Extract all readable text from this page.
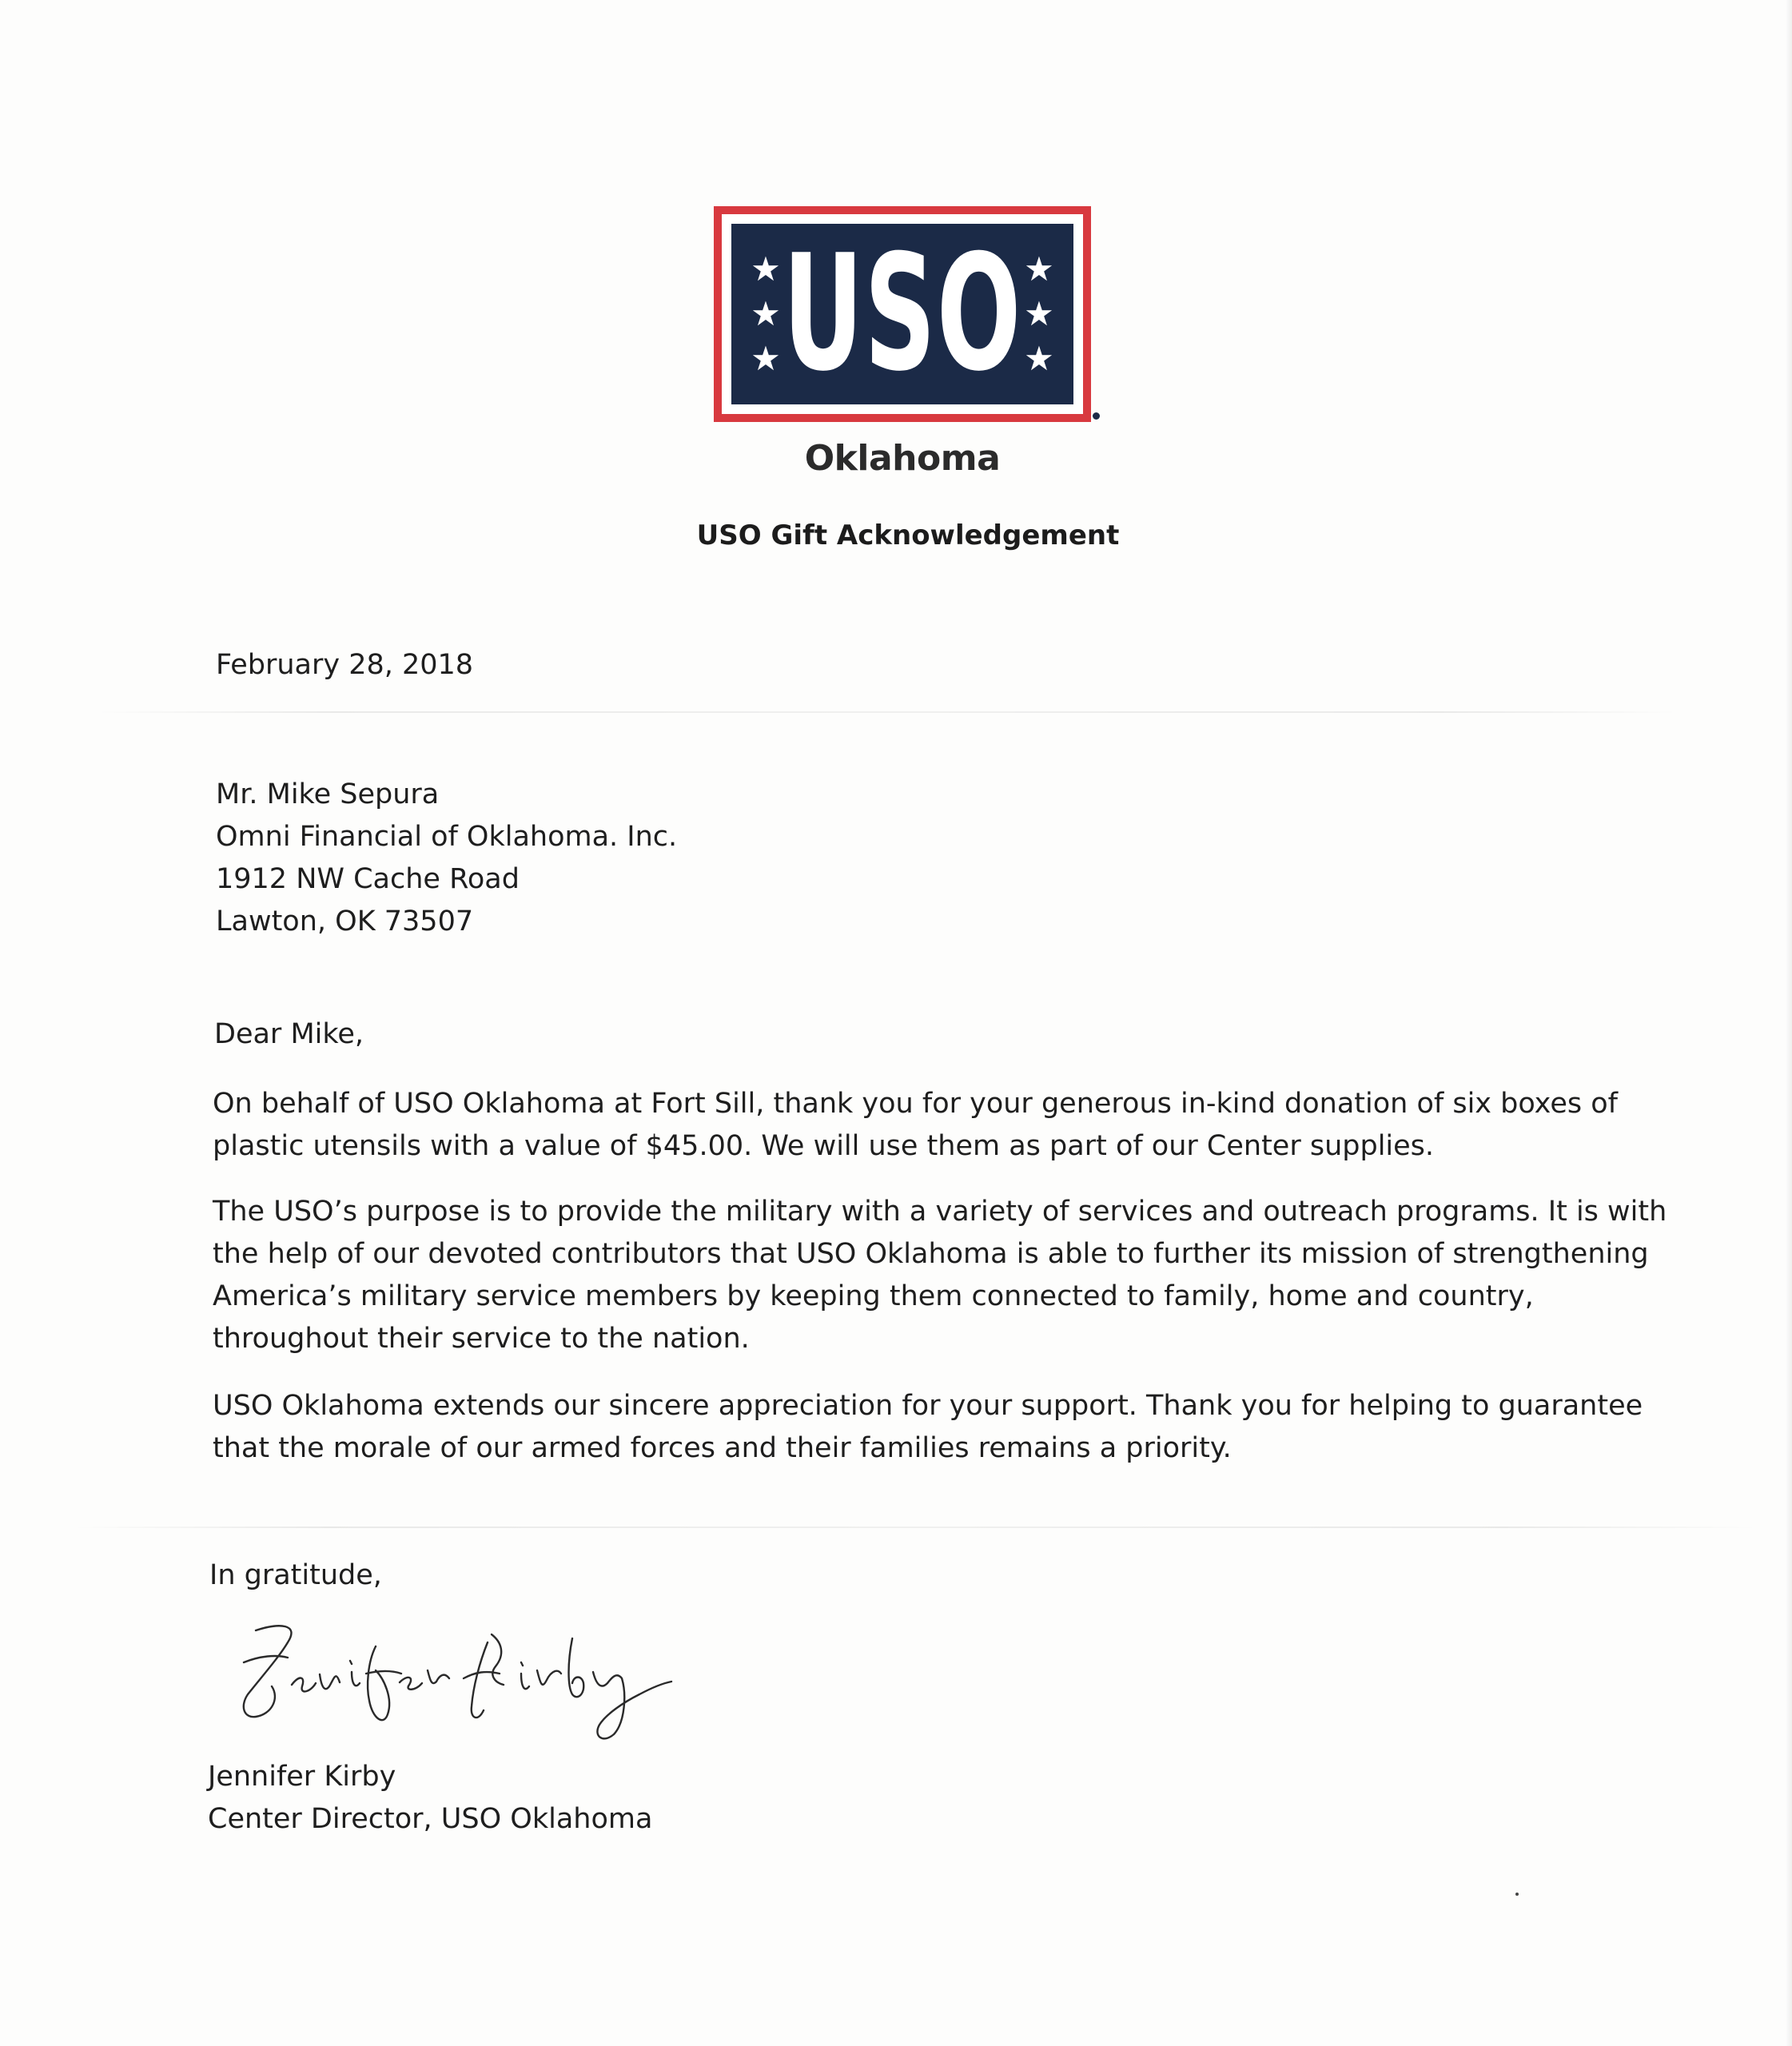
★
★
★ USO ★
★
★
Oklahoma
USO Gift Acknowledgement
February 28, 2018
Mr. Mike Sepura
Omni Financial of Oklahoma. Inc.
1912 NW Cache Road
Lawton, OK 73507
Dear Mike,
On behalf of USO Oklahoma at Fort Sill, thank you for your generous in-kind donation of six boxes of
plastic utensils with a value of $45.00. We will use them as part of our Center supplies.
The USO’s purpose is to provide the military with a variety of services and outreach programs. It is with
the help of our devoted contributors that USO Oklahoma is able to further its mission of strengthening
America’s military service members by keeping them connected to family, home and country,
throughout their service to the nation.
USO Oklahoma extends our sincere appreciation for your support. Thank you for helping to guarantee
that the morale of our armed forces and their families remains a priority.
In gratitude,
Jennifer Kirby
Center Director, USO Oklahoma
